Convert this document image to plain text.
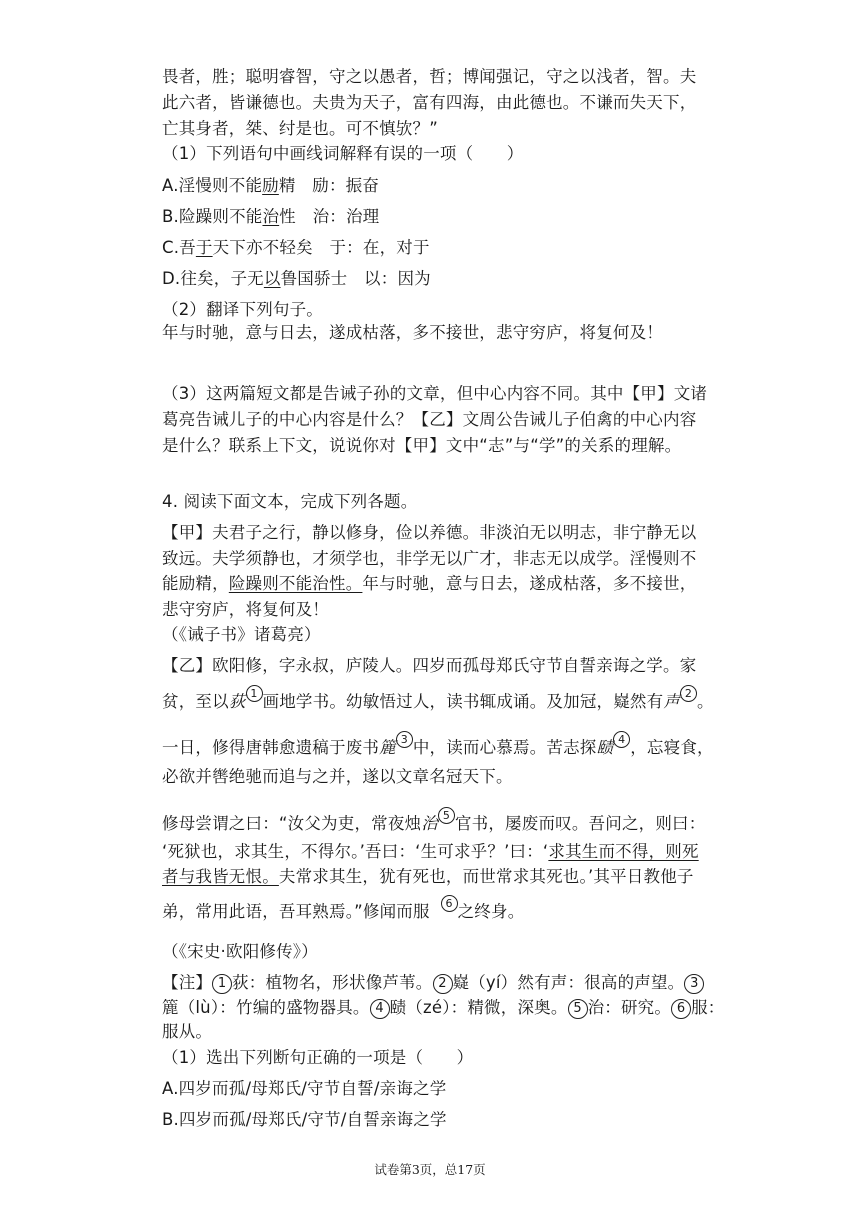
畏者，胜；聪明睿智，守之以愚者，哲；博闻强记，守之以浅者，智。夫
此六者，皆谦德也。夫贵为天子，富有四海，由此德也。不谦而失天下，
亡其身者，桀、纣是也。可不慎欤？”
（1）下列语句中画线词解释有误的一项（　　）
A.淫慢则不能励精　励：振奋
B.险躁则不能治性　治：治理
C.吾于天下亦不轻矣　于：在，对于
D.往矣，子无以鲁国骄士　以：因为
（2）翻译下列句子。
年与时驰，意与日去，遂成枯落，多不接世，悲守穷庐，将复何及！
（3）这两篇短文都是告诫子孙的文章，但中心内容不同。其中【甲】文诸
葛亮告诫儿子的中心内容是什么？【乙】文周公告诫儿子伯禽的中心内容
是什么？联系上下文，说说你对【甲】文中“志”与“学”的关系的理解。
4. 阅读下面文本，完成下列各题。
【甲】夫君子之行，静以修身，俭以养德。非淡泊无以明志，非宁静无以
致远。夫学须静也，才须学也，非学无以广才，非志无以成学。淫慢则不
能励精，险躁则不能治性。年与时驰，意与日去，遂成枯落，多不接世，
悲守穷庐，将复何及！
（《诫子书》诸葛亮）
【乙】欧阳修，字永叔，庐陵人。四岁而孤母郑氏守节自誓亲诲之学。家
贫，至以荻 $^1$ 画地学书。幼敏悟过人，读书辄成诵。及加冠，嶷然有声 $^2$ 。
一日，修得唐韩愈遗稿于废书簏 $^3$ 中，读而心慕焉。苦志探赜 $^4$ ，忘寝食，
必欲并辔绝驰而追与之并，遂以文章名冠天下。
修母尝谓之曰：“汝父为吏，常夜烛治 $^5$ 官书，屡废而叹。吾问之，则曰：
‘死狱也，求其生，不得尔。’吾曰：‘生可求乎？’曰：‘求其生而不得，则死
者与我皆无恨。夫常求其生，犹有死也，而世常求其死也。’其平日教他子
弟，常用此语，吾耳熟焉。”修闻而服 $^6$ 之终身。
（《宋史·欧阳修传》）
【注】 1 荻：植物名，形状像芦苇。 2 嶷（yí）然有声：很高的声望。 3
簏（lù）：竹编的盛物器具。 4 赜（zé）：精微，深奥。 5 治：研究。 6 服：
服从。
（1）选出下列断句正确的一项是（　　）
A.四岁而孤/母郑氏/守节自誓/亲诲之学
B.四岁而孤/母郑氏/守节/自誓亲诲之学
试卷第3页，总17页
